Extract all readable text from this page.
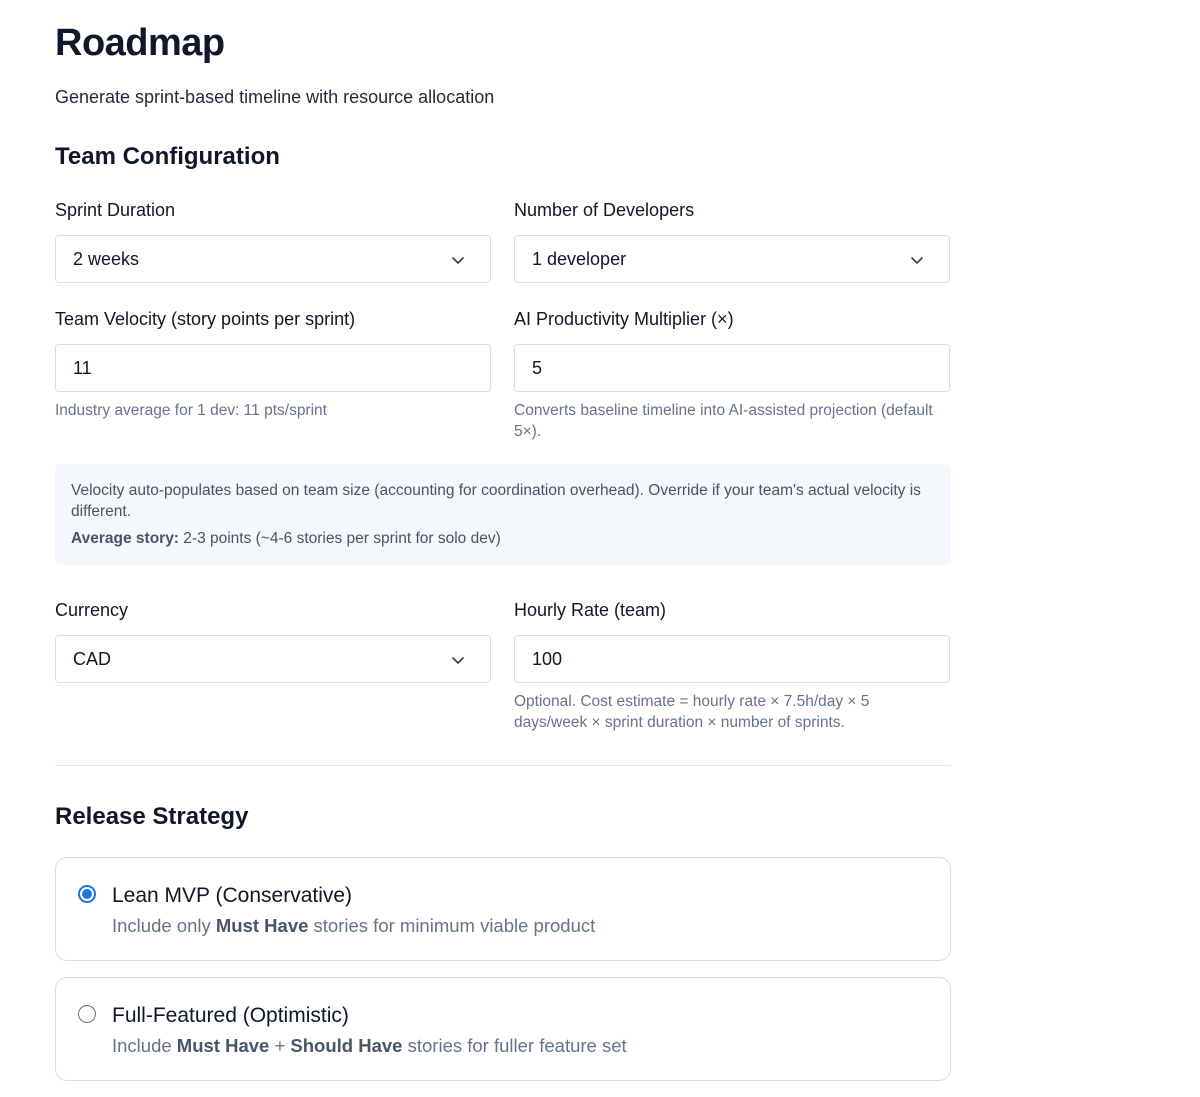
Roadmap
Generate sprint-based timeline with resource allocation
Team Configuration
Sprint Duration
2 weeks
Number of Developers
1 developer
Team Velocity (story points per sprint)
11
Industry average for 1 dev: 11 pts/sprint
AI Productivity Multiplier (×)
5
Converts baseline timeline into AI-assisted projection (default 5×).

Velocity auto-populates based on team size (accounting for coordination overhead). Override if your team's actual velocity is different.

Average story: 2-3 points (~4-6 stories per sprint for solo dev)

Currency
CAD
Hourly Rate (team)
100
Optional. Cost estimate = hourly rate × 7.5h/day × 5 days/week × sprint duration × number of sprints.
Release Strategy
Lean MVP (Conservative)
Include only Must Have stories for minimum viable product
Full-Featured (Optimistic)
Include Must Have + Should Have stories for fuller feature set
